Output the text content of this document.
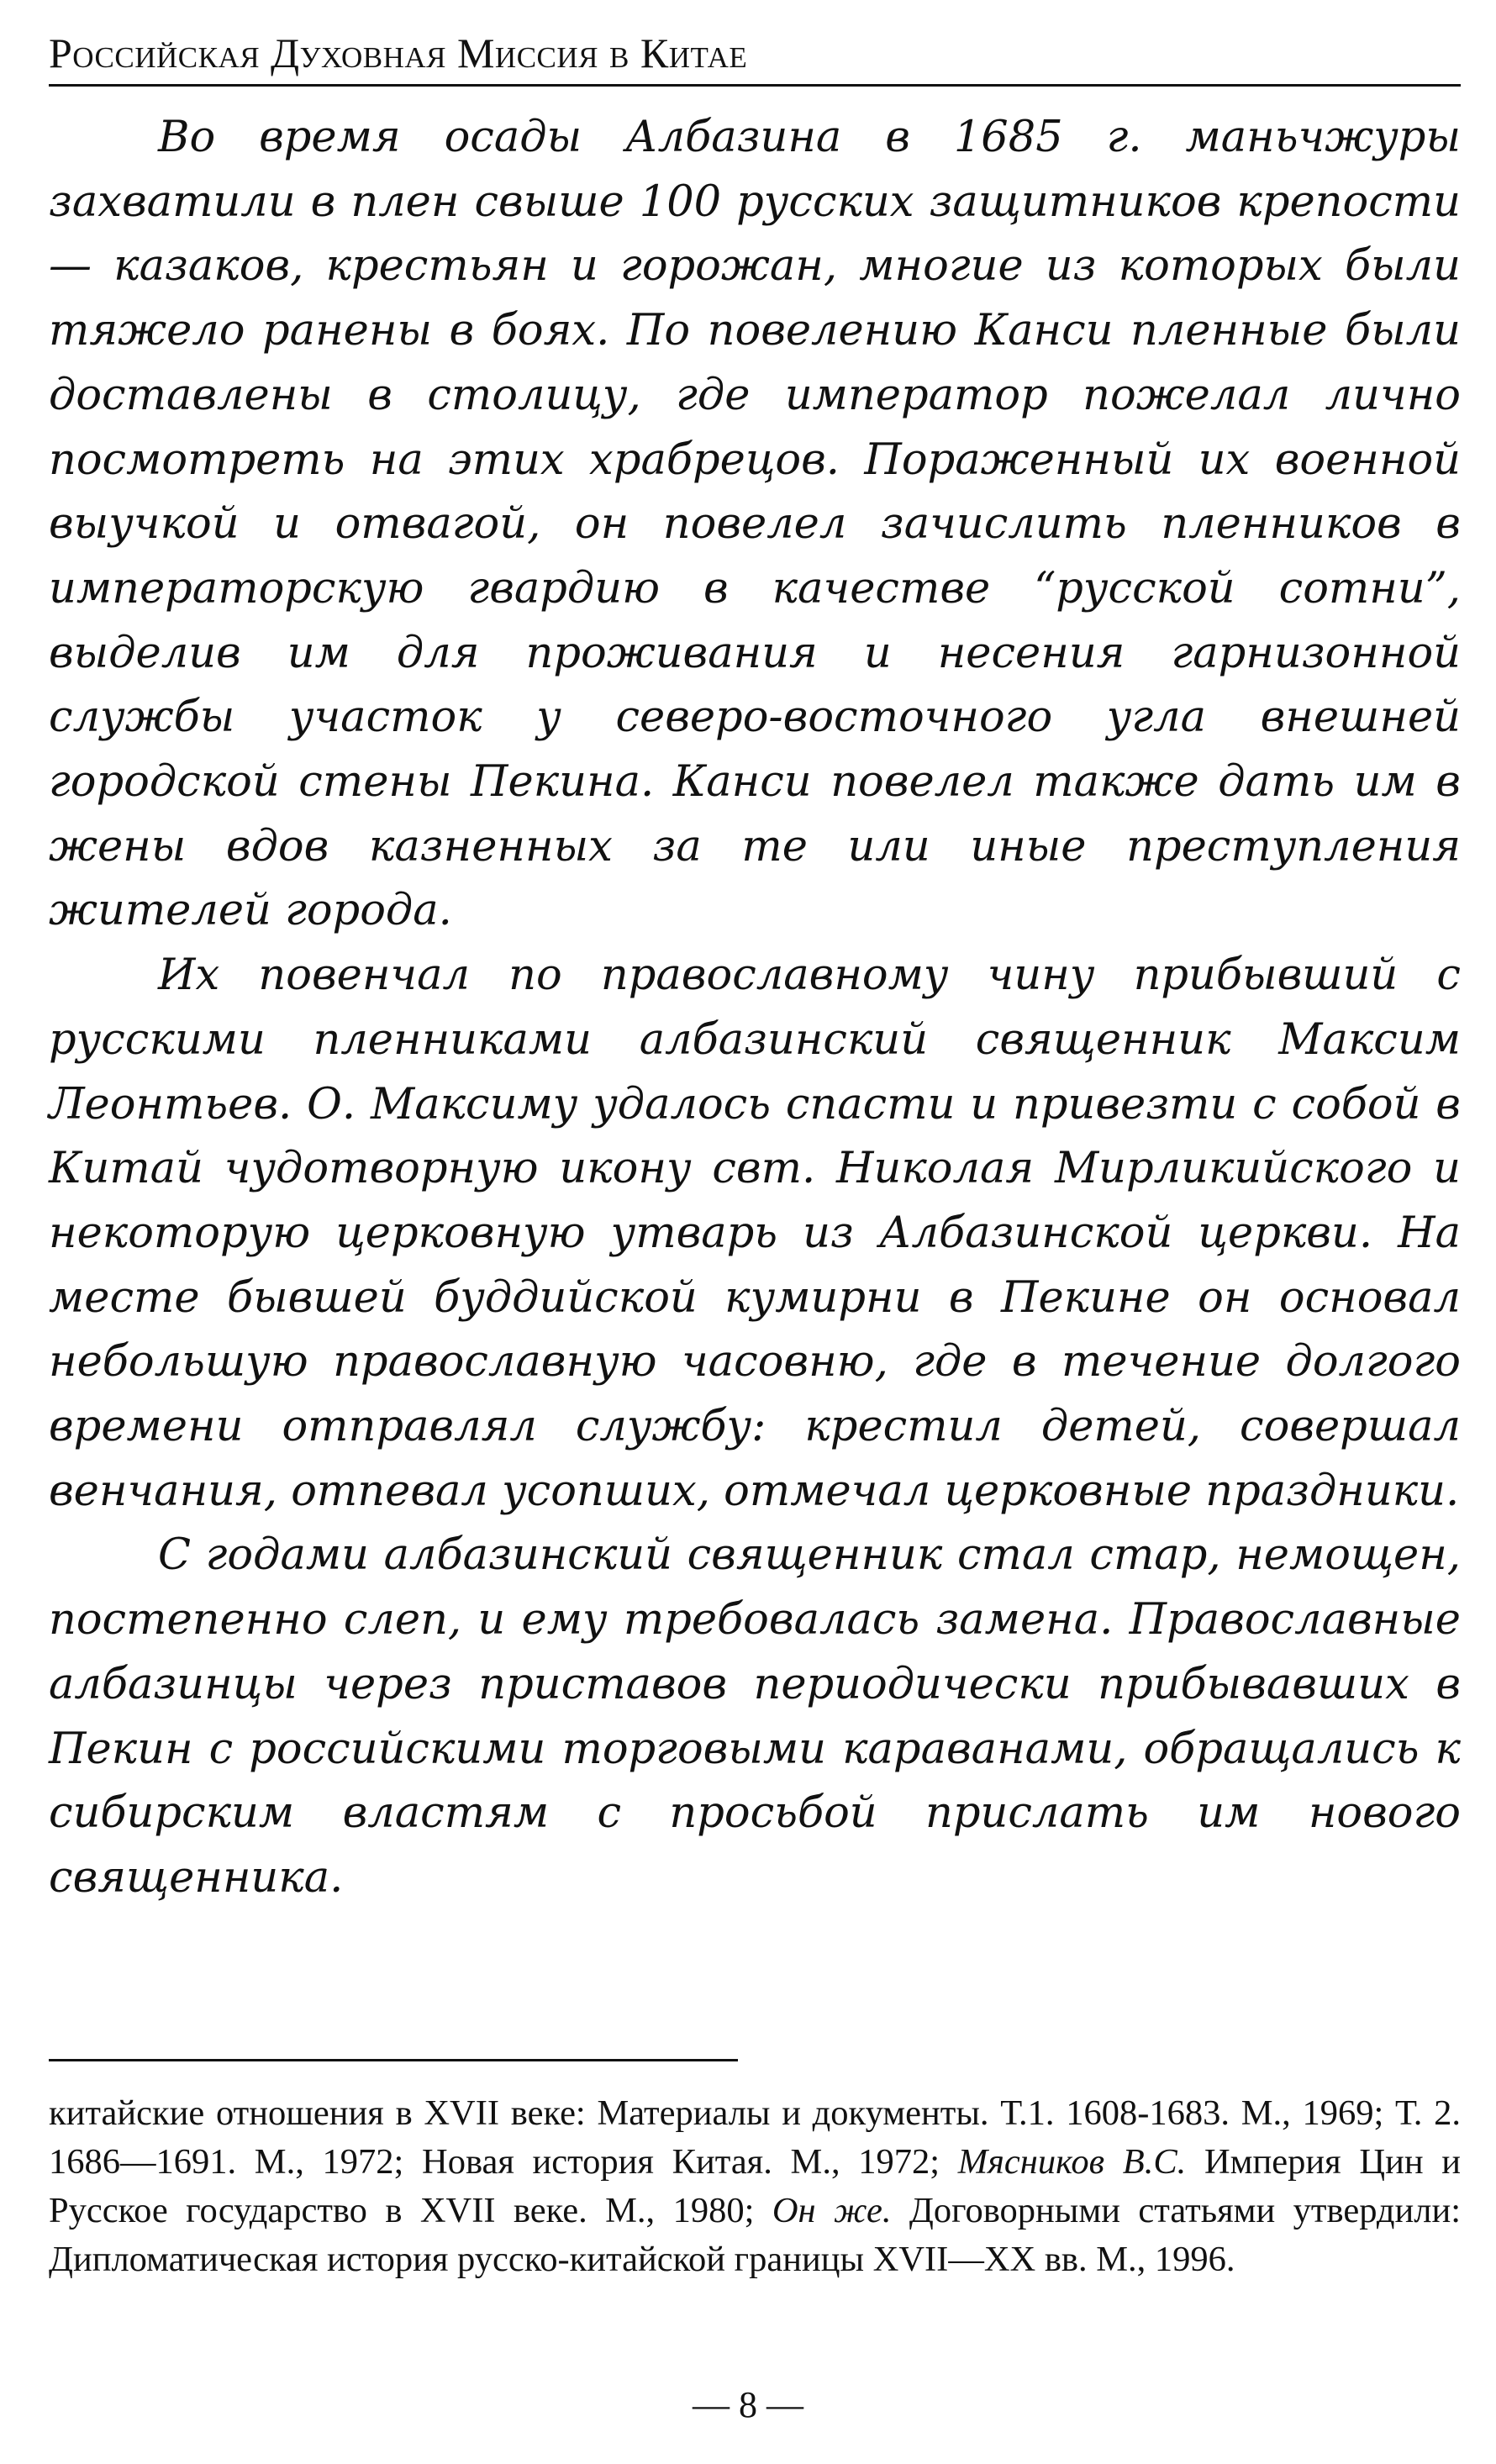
Российская Духовная Миссия в Китае

Во время осады Албазина в 1685 г. маньчжуры захватили в плен свыше 100 русских защитников крепости — казаков, крестьян и горожан, многие из которых были тяжело ранены в боях. По повелению Канси пленные были доставлены в столицу, где император пожелал лично посмотреть на этих храбрецов. Пораженный их военной выучкой и отвагой, он повелел зачислить пленников в императорскую гвардию в качестве “русской сотни”, выделив им для проживания и несения гарнизонной службы участок у северо-восточного угла внешней городской стены Пекина. Канси повелел также дать им в жены вдов казненных за те или иные преступления жителей города.

Их повенчал по православному чину прибывший с русскими пленниками албазинский священник Максим Леонтьев. О. Максиму удалось спасти и привезти с собой в Китай чудотворную икону свт. Николая Мирликийского и некоторую церковную утварь из Албазинской церкви. На месте бывшей буддийской кумирни в Пекине он основал небольшую православную часовню, где в течение долгого времени отправлял службу: крестил детей, совершал венчания, отпевал усопших, отмечал церковные праздники.

С годами албазинский священник стал стар, немощен, постепенно слеп, и ему требовалась замена. Православные албазинцы через приставов периодически прибывавших в Пекин с российскими торговыми караванами, обращались к сибирским властям с просьбой прислать им нового священника.

китайские отношения в XVII веке: Материалы и документы. Т.1. 1608-1683. М., 1969; Т. 2. 1686—1691. М., 1972; Новая история Китая. М., 1972; Мясников В.С. Империя Цин и Русское государство в XVII веке. М., 1980; Он же. Договорными статьями утвердили: Дипломатическая история русско-китайской границы XVII—XX вв. М., 1996.
— 8 —
